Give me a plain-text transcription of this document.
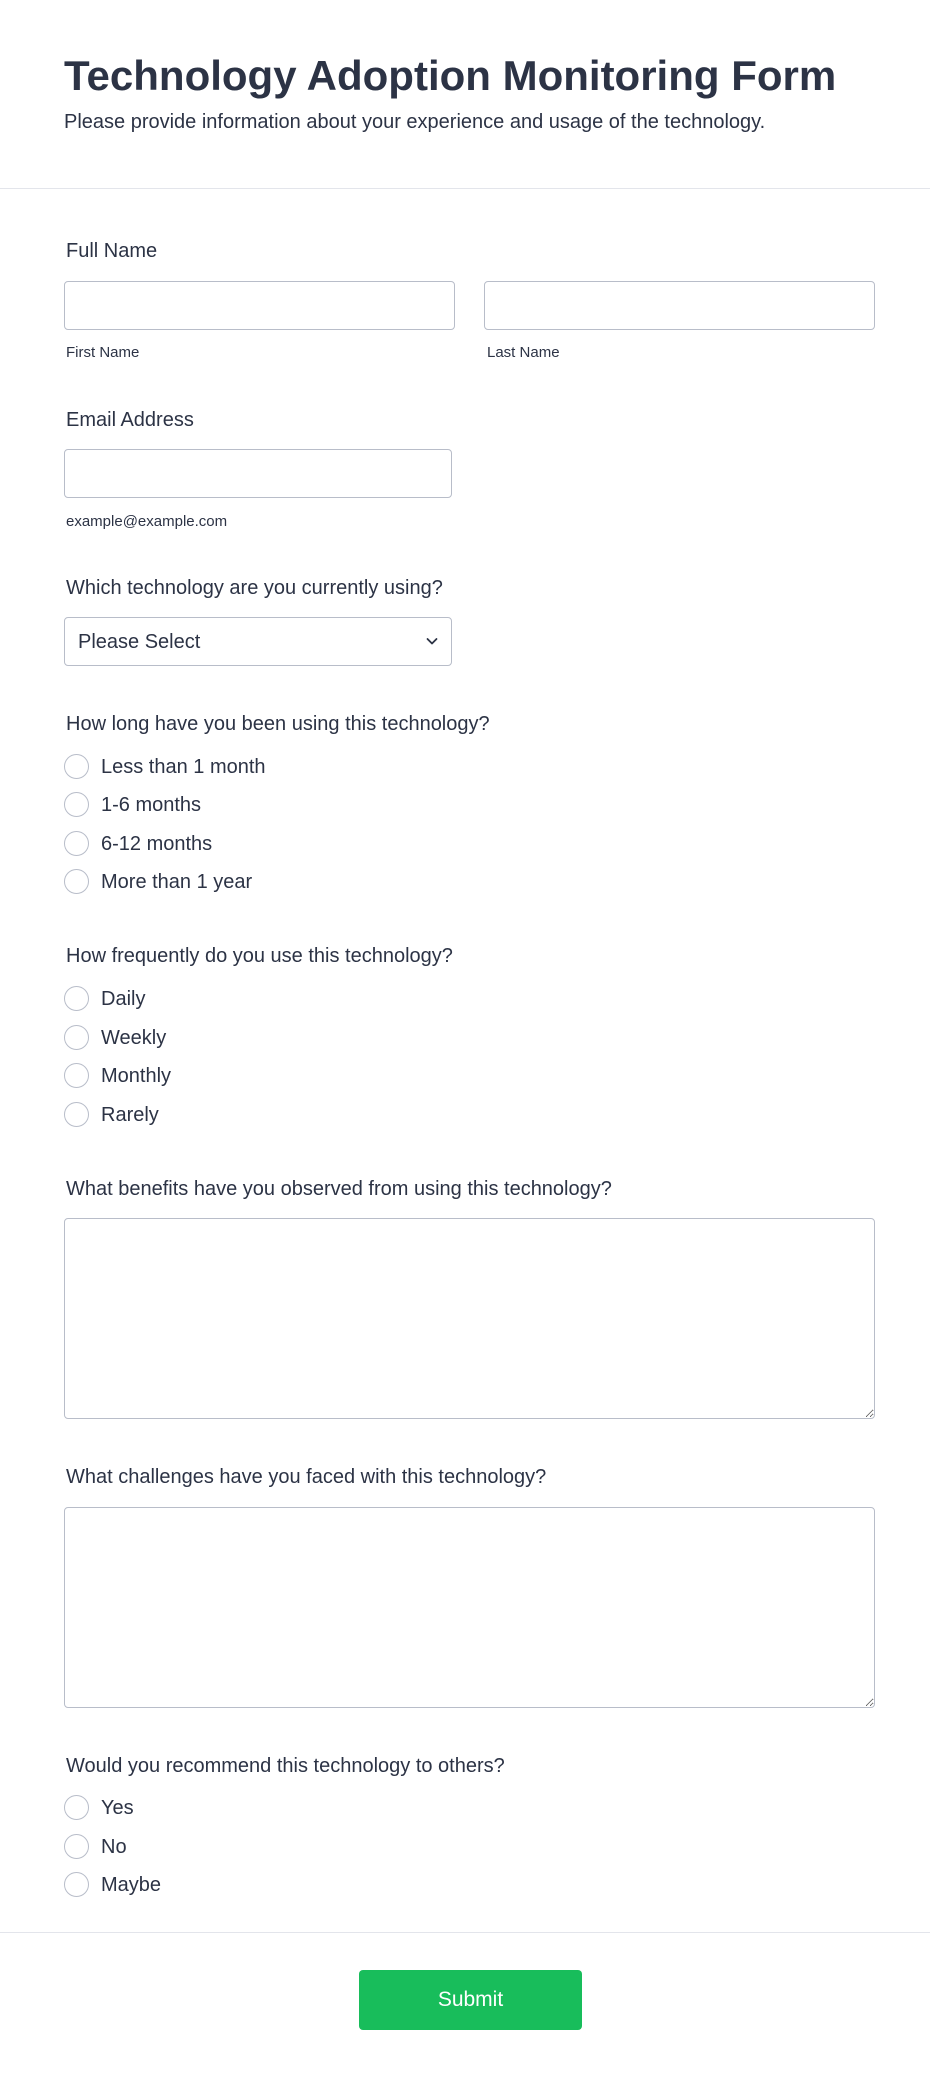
Technology Adoption Monitoring Form

Please provide information about your experience and usage of the technology.

Full Name
First Name	Last Name
Email Address
example@example.com
Which technology are you currently using?
Please Select
How long have you been using this technology?
Less than 1 month
1-6 months
6-12 months
More than 1 year
How frequently do you use this technology?
Daily
Weekly
Monthly
Rarely
What benefits have you observed from using this technology?
What challenges have you faced with this technology?
Would you recommend this technology to others?
Yes
No
Maybe
Submit
